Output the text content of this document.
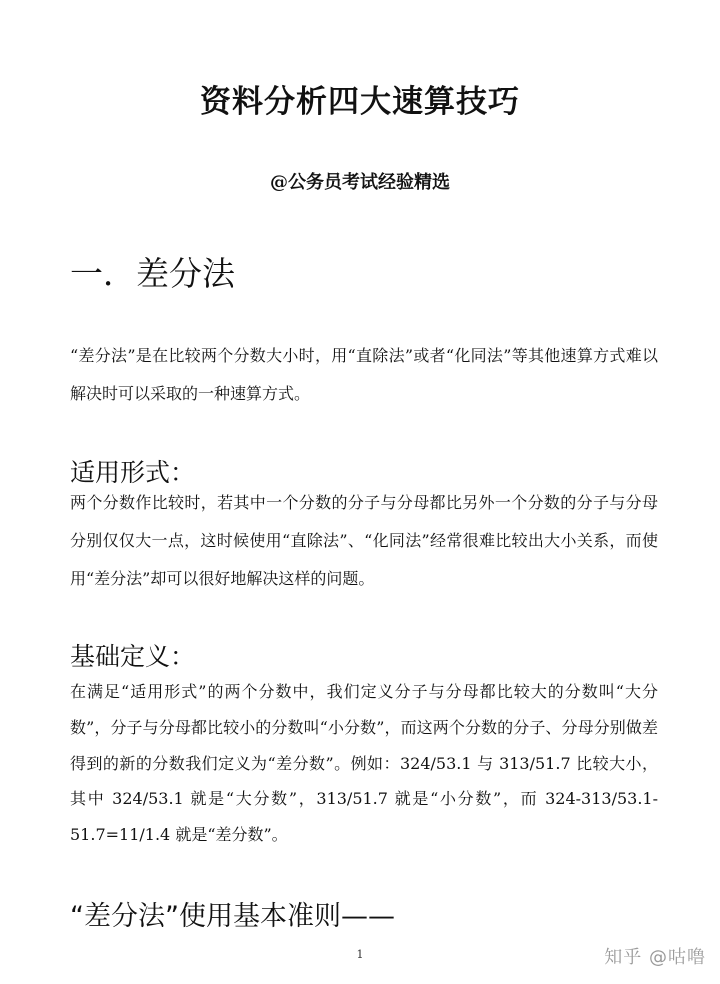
资料分析四大速算技巧
@公务员考试经验精选
一．差分法
“差分法”是在比较两个分数大小时，用“直除法”或者“化同法”等其他速算方式难以解决时可以采取的一种速算方式。
适用形式：
两个分数作比较时，若其中一个分数的分子与分母都比另外一个分数的分子与分母分别仅仅大一点，这时候使用“直除法”、“化同法”经常很难比较出大小关系，而使用“差分法”却可以很好地解决这样的问题。
基础定义：
在满足“适用形式”的两个分数中，我们定义分子与分母都比较大的分数叫“大分数”，分子与分母都比较小的分数叫“小分数”，而这两个分数的分子、分母分别做差得到的新的分数我们定义为“差分数”。例如：324/53.1 与 313/51.7 比较大小，其中 324/53.1 就是“大分数”，313/51.7 就是“小分数”，而 324-313/53.1-51.7=11/1.4 就是“差分数”。
“差分法”使用基本准则——
1	知乎 @咕噜
